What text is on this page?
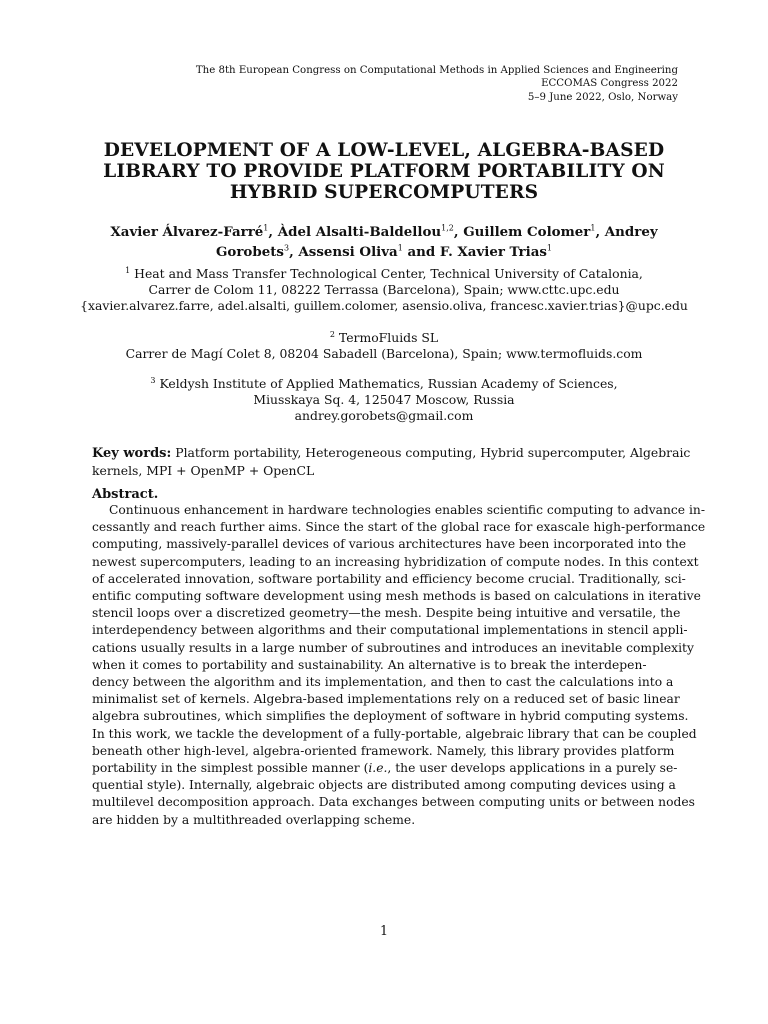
The 8th European Congress on Computational Methods in Applied Sciences and Engineering
ECCOMAS Congress 2022
5–9 June 2022, Oslo, Norway
DEVELOPMENT OF A LOW-LEVEL, ALGEBRA-BASED
LIBRARY TO PROVIDE PLATFORM PORTABILITY ON
HYBRID SUPERCOMPUTERS
Xavier Álvarez-Farré$^1$, Àdel Alsalti-Baldellou$^{1,2}$, Guillem Colomer$^1$, Andrey
Gorobets$^3$, Assensi Oliva$^1$ and F. Xavier Trias$^1$
$^1$ Heat and Mass Transfer Technological Center, Technical University of Catalonia,
Carrer de Colom 11, 08222 Terrassa (Barcelona), Spain; www.cttc.upc.edu
{xavier.alvarez.farre, adel.alsalti, guillem.colomer, asensio.oliva, francesc.xavier.trias}@upc.edu
$^2$ TermoFluids SL
Carrer de Magí Colet 8, 08204 Sabadell (Barcelona), Spain; www.termofluids.com
$^3$ Keldysh Institute of Applied Mathematics, Russian Academy of Sciences,
Miusskaya Sq. 4, 125047 Moscow, Russia
andrey.gorobets@gmail.com
Key words: Platform portability, Heterogeneous computing, Hybrid supercomputer, Algebraic
kernels, MPI + OpenMP + OpenCL
Abstract.
Continuous enhancement in hardware technologies enables scientific computing to advance in-
cessantly and reach further aims. Since the start of the global race for exascale high-performance
computing, massively-parallel devices of various architectures have been incorporated into the
newest supercomputers, leading to an increasing hybridization of compute nodes. In this context
of accelerated innovation, software portability and efficiency become crucial. Traditionally, sci-
entific computing software development using mesh methods is based on calculations in iterative
stencil loops over a discretized geometry—the mesh. Despite being intuitive and versatile, the
interdependency between algorithms and their computational implementations in stencil appli-
cations usually results in a large number of subroutines and introduces an inevitable complexity
when it comes to portability and sustainability. An alternative is to break the interdepen-
dency between the algorithm and its implementation, and then to cast the calculations into a
minimalist set of kernels. Algebra-based implementations rely on a reduced set of basic linear
algebra subroutines, which simplifies the deployment of software in hybrid computing systems.
In this work, we tackle the development of a fully-portable, algebraic library that can be coupled
beneath other high-level, algebra-oriented framework. Namely, this library provides platform
portability in the simplest possible manner (i.e., the user develops applications in a purely se-
quential style). Internally, algebraic objects are distributed among computing devices using a
multilevel decomposition approach. Data exchanges between computing units or between nodes
are hidden by a multithreaded overlapping scheme.
1
